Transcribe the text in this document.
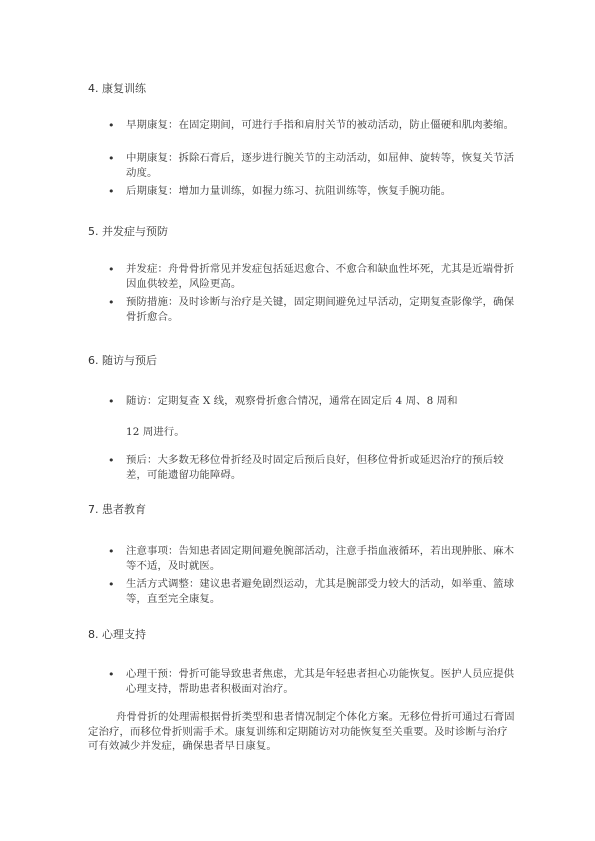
4. 康复训练
• 早期康复：在固定期间，可进行手指和肩肘关节的被动活动，防止僵硬和肌肉萎缩。
• 中期康复：拆除石膏后，逐步进行腕关节的主动活动，如屈伸、旋转等，恢复关节活动度。
• 后期康复：增加力量训练，如握力练习、抗阻训练等，恢复手腕功能。
5. 并发症与预防
• 并发症：舟骨骨折常见并发症包括延迟愈合、不愈合和缺血性坏死，尤其是近端骨折因血供较差，风险更高。
• 预防措施：及时诊断与治疗是关键，固定期间避免过早活动，定期复查影像学，确保骨折愈合。
6. 随访与预后
• 随访：定期复查 X 线，观察骨折愈合情况，通常在固定后 4 周、8 周和
12 周进行。
• 预后：大多数无移位骨折经及时固定后预后良好，但移位骨折或延迟治疗的预后较差，可能遗留功能障碍。
7. 患者教育
• 注意事项：告知患者固定期间避免腕部活动，注意手指血液循环，若出现肿胀、麻木等不适，及时就医。
• 生活方式调整：建议患者避免剧烈运动，尤其是腕部受力较大的活动，如举重、篮球等，直至完全康复。
8. 心理支持
• 心理干预：骨折可能导致患者焦虑，尤其是年轻患者担心功能恢复。医护人员应提供心理支持，帮助患者积极面对治疗。
舟骨骨折的处理需根据骨折类型和患者情况制定个体化方案。无移位骨折可通过石膏固定治疗，而移位骨折则需手术。康复训练和定期随访对功能恢复至关重要。及时诊断与治疗可有效减少并发症，确保患者早日康复。
